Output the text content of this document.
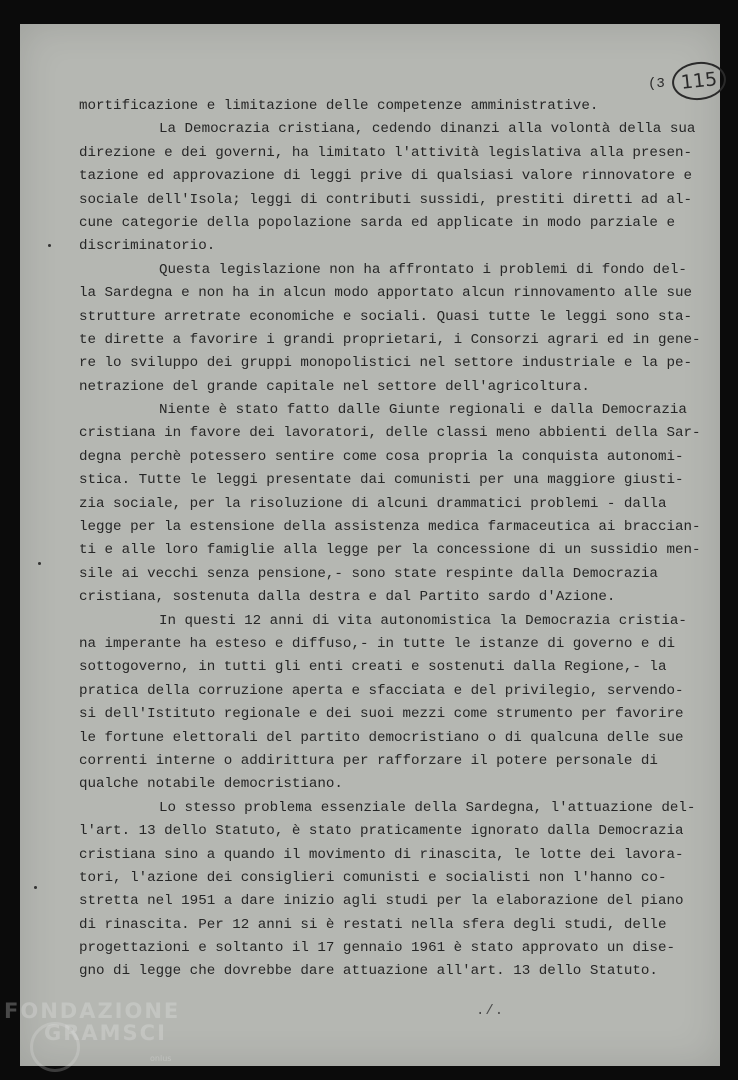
115
(3
mortificazione e limitazione delle competenze amministrative.
La Democrazia cristiana, cedendo dinanzi alla volontà della sua
direzione e dei governi, ha limitato l'attività legislativa alla presen-
tazione ed approvazione di leggi prive di qualsiasi valore rinnovatore e
sociale dell'Isola; leggi di contributi sussidi, prestiti diretti ad al-
cune categorie della popolazione sarda ed applicate in modo parziale e
discriminatorio.
Questa legislazione non ha affrontato i problemi di fondo del-
la Sardegna e non ha in alcun modo apportato alcun rinnovamento alle sue
strutture arretrate economiche e sociali. Quasi tutte le leggi sono sta-
te dirette a favorire i grandi proprietari, i Consorzi agrari ed in gene-
re lo sviluppo dei gruppi monopolistici nel settore industriale e la pe-
netrazione del grande capitale nel settore dell'agricoltura.
Niente è stato fatto dalle Giunte regionali e dalla Democrazia
cristiana in favore dei lavoratori, delle classi meno abbienti della Sar-
degna perchè potessero sentire come cosa propria la conquista autonomi-
stica. Tutte le leggi presentate dai comunisti per una maggiore giusti-
zia sociale, per la risoluzione di alcuni drammatici problemi - dalla
legge per la estensione della assistenza medica farmaceutica ai braccian-
ti e alle loro famiglie alla legge per la concessione di un sussidio men-
sile ai vecchi senza pensione,- sono state respinte dalla Democrazia
cristiana, sostenuta dalla destra e dal Partito sardo d'Azione.
In questi 12 anni di vita autonomistica la Democrazia cristia-
na imperante ha esteso e diffuso,- in tutte le istanze di governo e di
sottogoverno, in tutti gli enti creati e sostenuti dalla Regione,- la
pratica della corruzione aperta e sfacciata e del privilegio, servendo-
si dell'Istituto regionale e dei suoi mezzi come strumento per favorire
le fortune elettorali del partito democristiano o di qualcuna delle sue
correnti interne o addirittura per rafforzare il potere personale di
qualche notabile democristiano.
Lo stesso problema essenziale della Sardegna, l'attuazione del-
l'art. 13 dello Statuto, è stato praticamente ignorato dalla Democrazia
cristiana sino a quando il movimento di rinascita, le lotte dei lavora-
tori, l'azione dei consiglieri comunisti e socialisti non l'hanno co-
stretta nel 1951 a dare inizio agli studi per la elaborazione del piano
di rinascita. Per 12 anni si è restati nella sfera degli studi, delle
progettazioni e soltanto il 17 gennaio 1961 è stato approvato un dise-
gno di legge che dovrebbe dare attuazione all'art. 13 dello Statuto.
./.
FONDAZIONE
GRAMSCI
onlus
